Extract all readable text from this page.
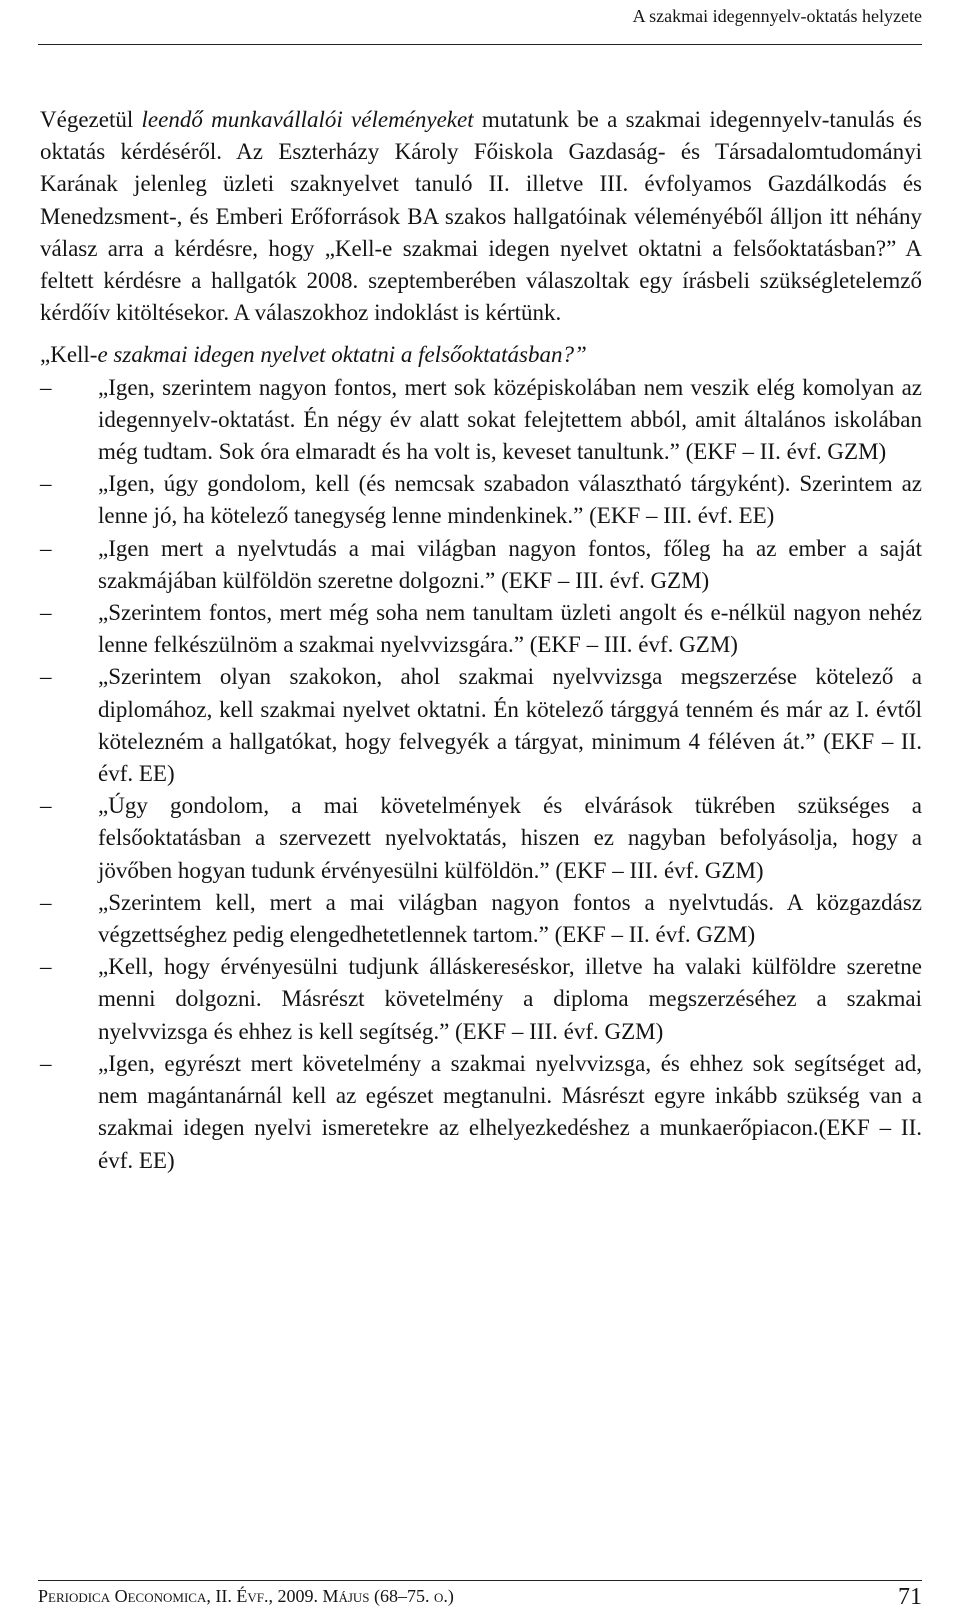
A szakmai idegennyelv-oktatás helyzete

Végezetül leendő munkavállalói véleményeket mutatunk be a szakmai idegennyelv-tanulás és oktatás kérdéséről. Az Eszterházy Károly Főiskola Gazdaság- és Társadalomtudományi Karának jelenleg üzleti szaknyelvet tanuló II. illetve III. évfolyamos Gazdálkodás és Menedzsment-, és Emberi Erőforrások BA szakos hallgatóinak véleményéből álljon itt néhány válasz arra a kérdésre, hogy „Kell-e szakmai idegen nyelvet oktatni a felsőoktatásban?” A feltett kérdésre a hallgatók 2008. szeptemberében válaszoltak egy írásbeli szükségletelemző kérdőív kitöltésekor. A válaszokhoz indoklást is kértünk.

„Kell-e szakmai idegen nyelvet oktatni a felsőoktatásban?”

–	„Igen, szerintem nagyon fontos, mert sok középiskolában nem veszik elég komolyan az idegennyelv-oktatást. Én négy év alatt sokat felejtettem abból, amit általános iskolában még tudtam. Sok óra elmaradt és ha volt is, keveset tanultunk.” (EKF – II. évf. GZM)
–	„Igen, úgy gondolom, kell (és nemcsak szabadon választható tárgyként). Szerintem az lenne jó, ha kötelező tanegység lenne mindenkinek.” (EKF – III. évf. EE)
–	„Igen mert a nyelvtudás a mai világban nagyon fontos, főleg ha az ember a saját szakmájában külföldön szeretne dolgozni.” (EKF – III. évf. GZM)
–	„Szerintem fontos, mert még soha nem tanultam üzleti angolt és e-nélkül nagyon nehéz lenne felkészülnöm a szakmai nyelvvizsgára.” (EKF – III. évf. GZM)
–	„Szerintem olyan szakokon, ahol szakmai nyelvvizsga megszerzése kötelező a diplomához, kell szakmai nyelvet oktatni. Én kötelező tárggyá tenném és már az I. évtől kötelezném a hallgatókat, hogy felvegyék a tárgyat, minimum 4 féléven át.” (EKF – II. évf. EE)
–	„Úgy gondolom, a mai követelmények és elvárások tükrében szükséges a felsőoktatásban a szervezett nyelvoktatás, hiszen ez nagyban befolyásolja, hogy a jövőben hogyan tudunk érvényesülni külföldön.” (EKF – III. évf. GZM)
–	„Szerintem kell, mert a mai világban nagyon fontos a nyelvtudás. A közgazdász végzettséghez pedig elengedhetetlennek tartom.” (EKF – II. évf. GZM)
–	„Kell, hogy érvényesülni tudjunk álláskereséskor, illetve ha valaki külföldre szeretne menni dolgozni. Másrészt követelmény a diploma megszerzéséhez a szakmai nyelvvizsga és ehhez is kell segítség.” (EKF – III. évf. GZM)
–	„Igen, egyrészt mert követelmény a szakmai nyelvvizsga, és ehhez sok segítséget ad, nem magántanárnál kell az egészet megtanulni. Másrészt egyre inkább szükség van a szakmai idegen nyelvi ismeretekre az elhelyezkedéshez a munkaerőpiacon.(EKF – II. évf. EE)
Periodica Oeconomica, II. Évf., 2009. Május (68–75. o.)	71
